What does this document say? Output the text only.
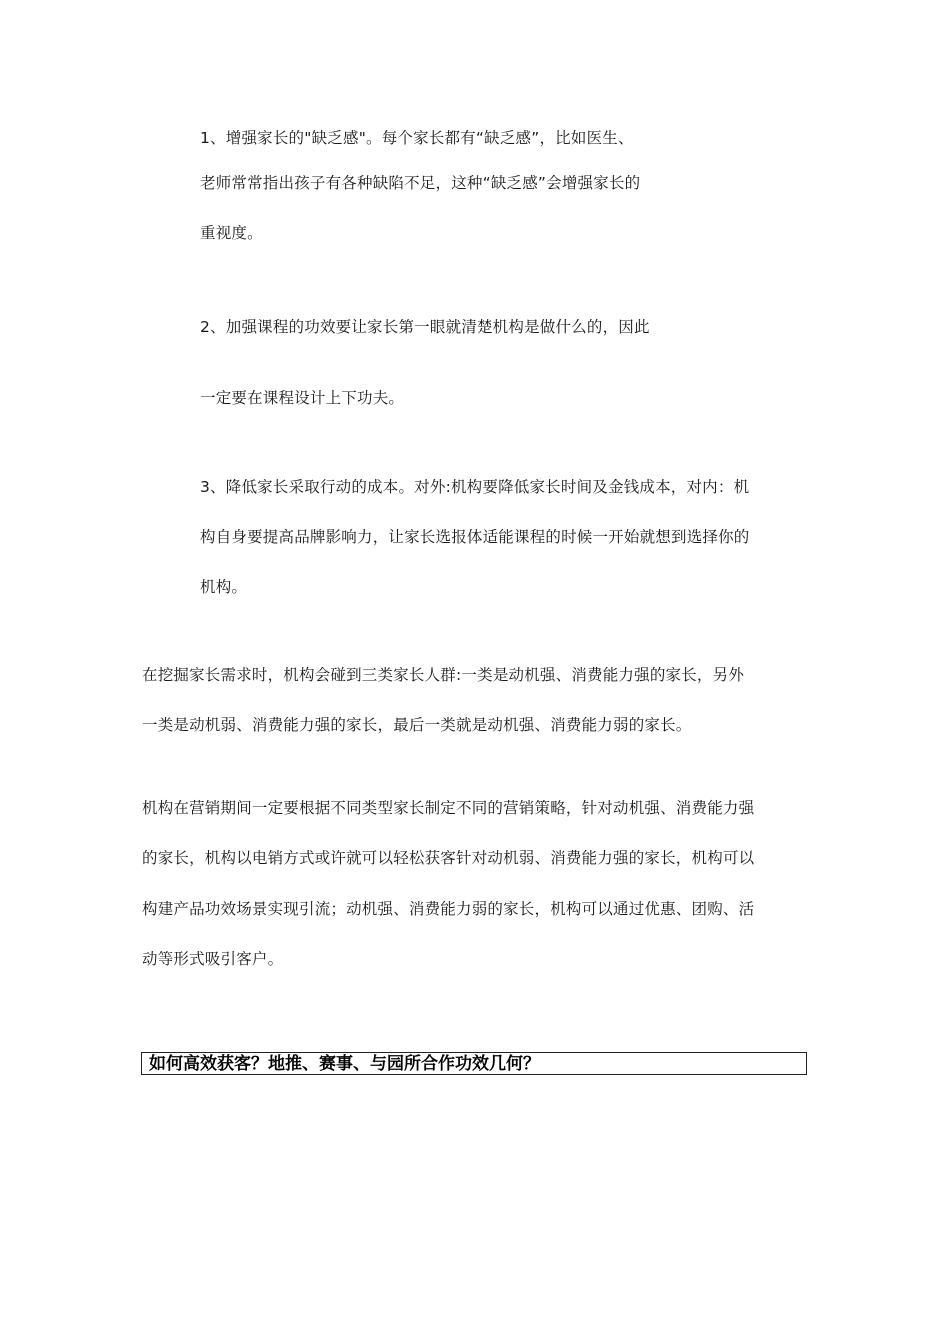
1、增强家长的"缺乏感"。每个家长都有“缺乏感”，比如医生、
老师常常指出孩子有各种缺陷不足，这种“缺乏感”会增强家长的
重视度。
2、加强课程的功效要让家长第一眼就清楚机构是做什么的，因此
一定要在课程设计上下功夫。
3、降低家长采取行动的成本。对外:机构要降低家长时间及金钱成本，对内：机
构自身要提高品牌影响力，让家长选报体适能课程的时候一开始就想到选择你的
机构。
在挖掘家长需求时，机构会碰到三类家长人群:一类是动机强、消费能力强的家长，另外
一类是动机弱、消费能力强的家长，最后一类就是动机强、消费能力弱的家长。
机构在营销期间一定要根据不同类型家长制定不同的营销策略，针对动机强、消费能力强
的家长，机构以电销方式或许就可以轻松获客针对动机弱、消费能力强的家长，机构可以
构建产品功效场景实现引流；动机强、消费能力弱的家长，机构可以通过优惠、团购、活
动等形式吸引客户。
如何高效获客？地推、赛事、与园所合作功效几何？
